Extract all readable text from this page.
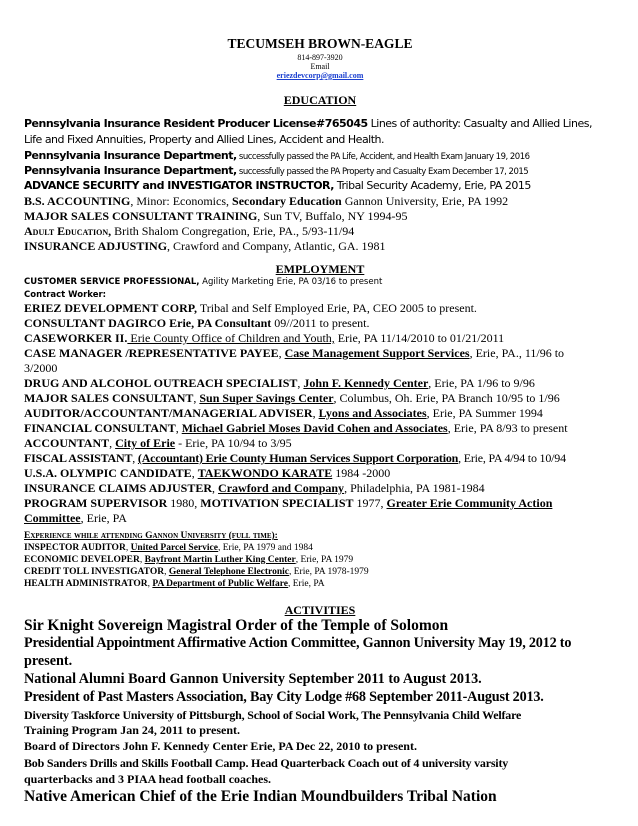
TECUMSEH BROWN-EAGLE
814-897-3920
Email
eriezdevcorp@gmail.com
EDUCATION
Pennsylvania Insurance Resident Producer License#765045 Lines of authority: Casualty and Allied Lines,
Life and Fixed Annuities, Property and Allied Lines, Accident and Health.
Pennsylvania Insurance Department, successfully passed the PA Life, Accident, and Health Exam January 19, 2016
Pennsylvania Insurance Department, successfully passed the PA Property and Casualty Exam December 17, 2015
ADVANCE SECURITY and INVESTIGATOR INSTRUCTOR, Tribal Security Academy, Erie, PA 2015
B.S. ACCOUNTING, Minor: Economics, Secondary Education Gannon University, Erie, PA 1992
MAJOR SALES CONSULTANT TRAINING, Sun TV, Buffalo, NY 1994-95
Adult Education, Brith Shalom Congregation, Erie, PA., 5/93-11/94
INSURANCE ADJUSTING, Crawford and Company, Atlantic, GA. 1981
EMPLOYMENT
CUSTOMER SERVICE PROFESSIONAL, Agility Marketing Erie, PA 03/16 to present
Contract Worker:
ERIEZ DEVELOPMENT CORP, Tribal and Self Employed Erie, PA, CEO 2005 to present.
CONSULTANT DAGIRCO Erie, PA Consultant 09//2011 to present.
CASEWORKER II. Erie County Office of Children and Youth, Erie, PA 11/14/2010 to 01/21/2011
CASE MANAGER /REPRESENTATIVE PAYEE, Case Management Support Services, Erie, PA., 11/96 to
3/2000
DRUG AND ALCOHOL OUTREACH SPECIALIST, John F. Kennedy Center, Erie, PA 1/96 to 9/96
MAJOR SALES CONSULTANT, Sun Super Savings Center, Columbus, Oh. Erie, PA Branch 10/95 to 1/96
AUDITOR/ACCOUNTANT/MANAGERIAL ADVISER, Lyons and Associates, Erie, PA Summer 1994
FINANCIAL CONSULTANT, Michael Gabriel Moses David Cohen and Associates, Erie, PA 8/93 to present
ACCOUNTANT, City of Erie - Erie, PA 10/94 to 3/95
FISCAL ASSISTANT, (Accountant) Erie County Human Services Support Corporation, Erie, PA 4/94 to 10/94
U.S.A. OLYMPIC CANDIDATE, TAEKWONDO KARATE 1984 -2000
INSURANCE CLAIMS ADJUSTER, Crawford and Company, Philadelphia, PA 1981-1984
PROGRAM SUPERVISOR 1980, MOTIVATION SPECIALIST 1977, Greater Erie Community Action
Committee, Erie, PA
Experience while attending Gannon University (full time):
INSPECTOR AUDITOR, United Parcel Service, Erie, PA 1979 and 1984
ECONOMIC DEVELOPER, Bayfront Martin Luther King Center, Erie, PA 1979
CREDIT TOLL INVESTIGATOR, General Telephone Electronic, Erie, PA 1978-1979
HEALTH ADMINISTRATOR, PA Department of Public Welfare, Erie, PA
ACTIVITIES
Sir Knight Sovereign Magistral Order of the Temple of Solomon
Presidential Appointment Affirmative Action Committee, Gannon University May 19, 2012 to
present.
National Alumni Board Gannon University September 2011 to August 2013.
President of Past Masters Association, Bay City Lodge #68 September 2011-August 2013.
Diversity Taskforce University of Pittsburgh, School of Social Work, The Pennsylvania Child Welfare
Training Program Jan 24, 2011 to present.
Board of Directors John F. Kennedy Center Erie, PA Dec 22, 2010 to present.
Bob Sanders Drills and Skills Football Camp. Head Quarterback Coach out of 4 university varsity
quarterbacks and 3 PIAA head football coaches.
Native American Chief of the Erie Indian Moundbuilders Tribal Nation
